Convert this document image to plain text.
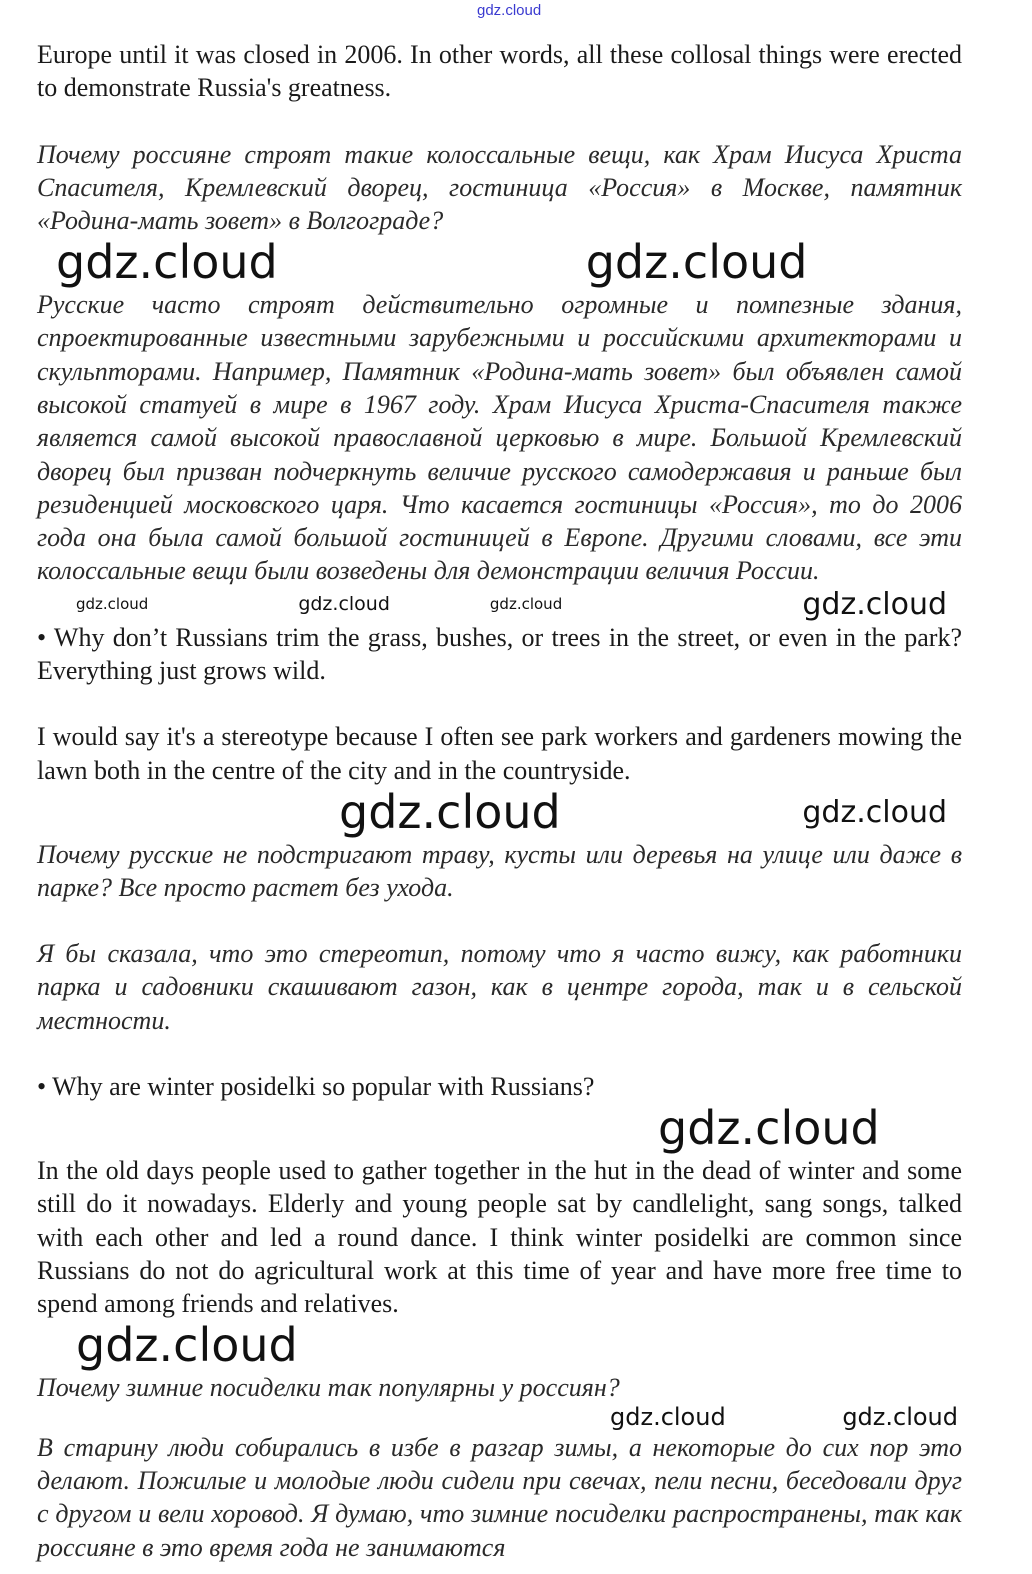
gdz.cloud

Europe until it was closed in 2006. In other words, all these collosal things were erected to demonstrate Russia's greatness.

Почему россияне строят такие колоссальные вещи, как Храм Иисуса Христа Спасителя, Кремлевский дворец, гостиница «Россия» в Москве, памятник «Родина-мать зовет» в Волгограде?

gdz.cloud	gdz.cloud

Русские часто строят действительно огромные и помпезные здания, спроектированные известными зарубежными и российскими архитекторами и скульпторами. Например, Памятник «Родина-мать зовет» был объявлен самой высокой статуей в мире в 1967 году. Храм Иисуса Христа-Спасителя также является самой высокой православной церковью в мире. Большой Кремлевский дворец был призван подчеркнуть величие русского самодержавия и раньше был резиденцией московского царя. Что касается гостиницы «Россия», то до 2006 года она была самой большой гостиницей в Европе. Другими словами, все эти колоссальные вещи были возведены для демонстрации величия России.

gdz.cloud	gdz.cloud	gdz.cloud	gdz.cloud

• Why don’t Russians trim the grass, bushes, or trees in the street, or even in the park? Everything just grows wild.

I would say it's a stereotype because I often see park workers and gardeners mowing the lawn both in the centre of the city and in the countryside.

gdz.cloud	gdz.cloud

Почему русские не подстригают траву, кусты или деревья на улице или даже в парке? Все просто растет без ухода.

Я бы сказала, что это стереотип, потому что я часто вижу, как работники парка и садовники скашивают газон, как в центре города, так и в сельской местности.

• Why are winter posidelki so popular with Russians?

gdz.cloud

In the old days people used to gather together in the hut in the dead of winter and some still do it nowadays. Elderly and young people sat by candlelight, sang songs, talked with each other and led a round dance. I think winter posidelki are common since Russians do not do agricultural work at this time of year and have more free time to spend among friends and relatives.

gdz.cloud

Почему зимние посиделки так популярны у россиян?

gdz.cloud	gdz.cloud

В старину люди собирались в избе в разгар зимы, а некоторые до сих пор это делают. Пожилые и молодые люди сидели при свечах, пели песни, беседовали друг с другом и вели хоровод. Я думаю, что зимние посиделки распространены, так как россияне в это время года не занимаются
